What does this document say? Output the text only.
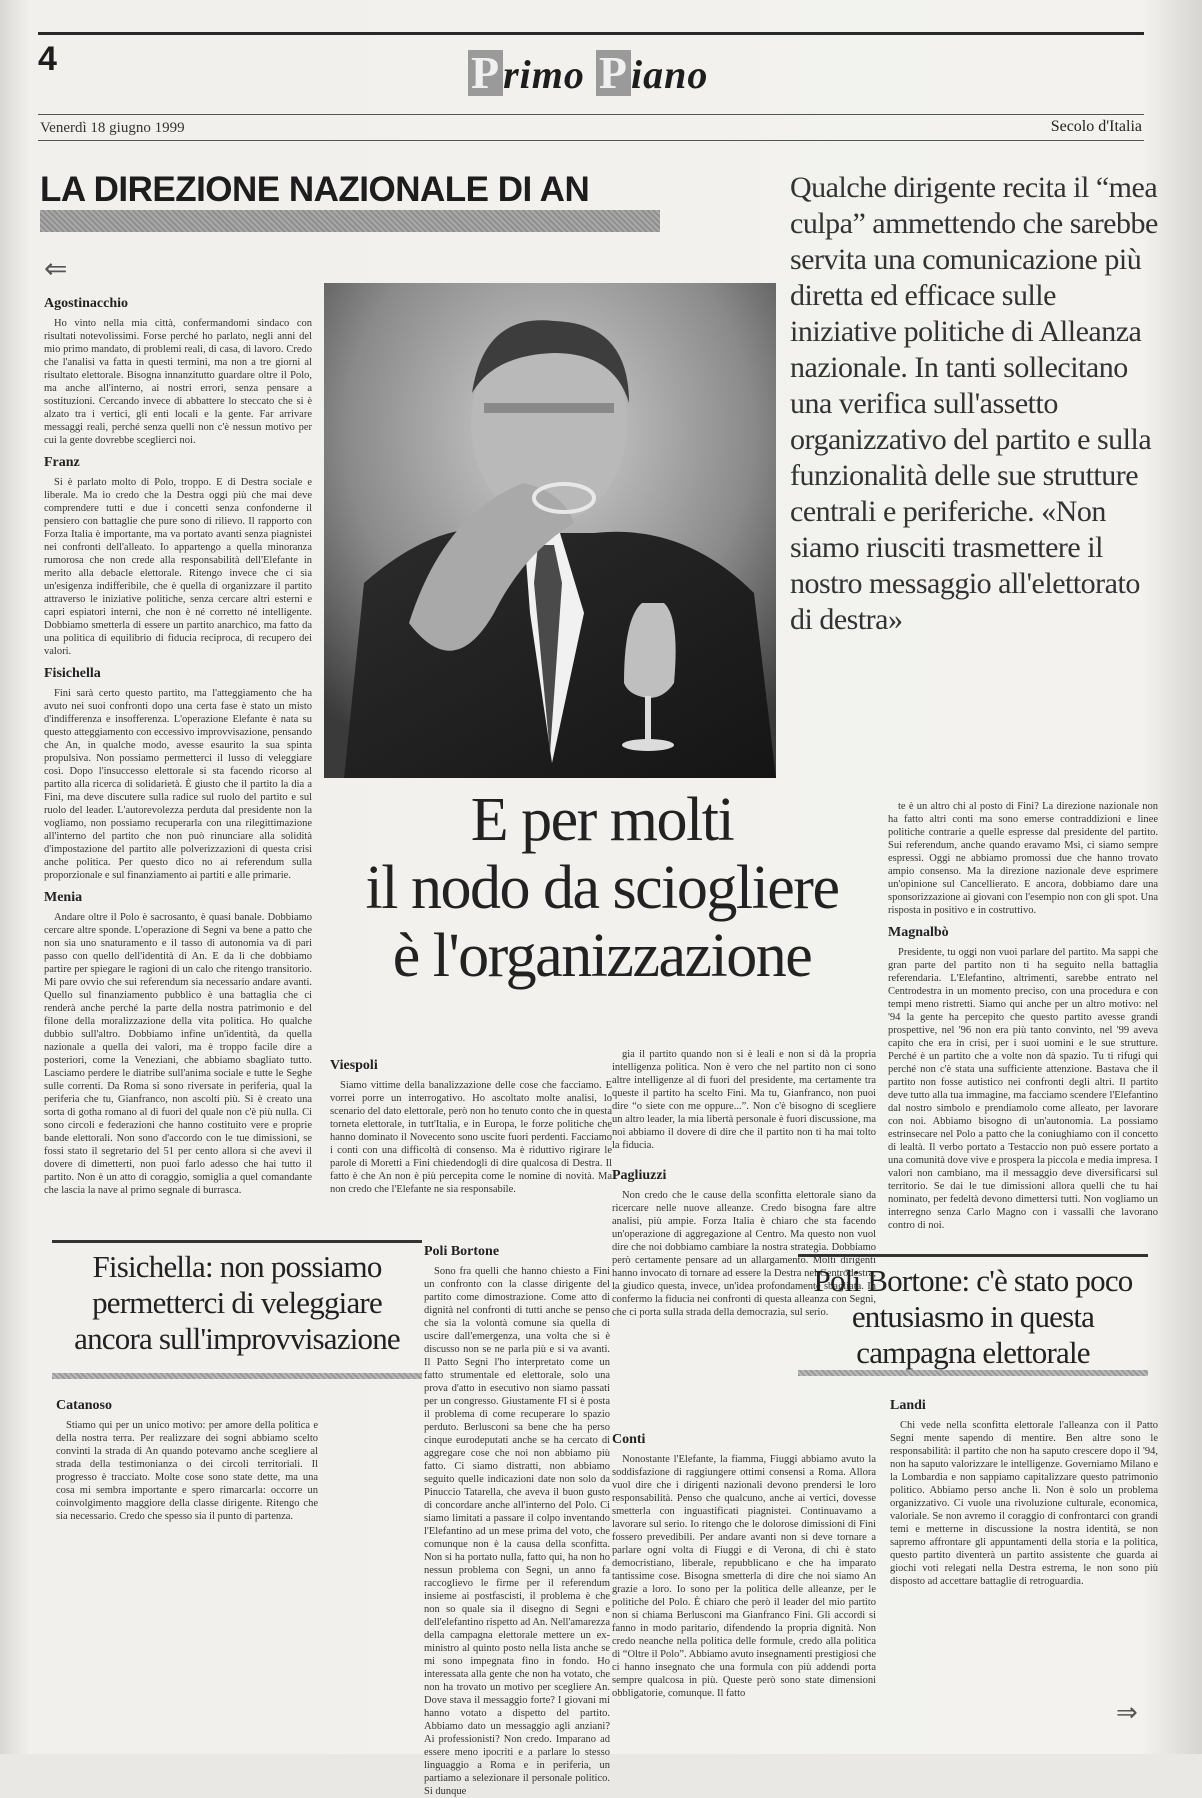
4	Primo Piano
Venerdì 18 giugno 1999	Secolo d'Italia
LA DIREZIONE NAZIONALE DI AN
⇐
Qualche dirigente recita il “mea culpa” ammettendo che sarebbe servita una comunicazione più diretta ed efficace sulle iniziative politiche di Alleanza nazionale. In tanti sollecitano una verifica sull'assetto organizzativo del partito e sulla funzionalità delle sue strutture centrali e periferiche. «Non siamo riusciti trasmettere il nostro messaggio all'elettorato di destra»
E per molti
il nodo da sciogliere
è l'organizzazione
Agostinacchio

Ho vinto nella mia città, confermandomi sindaco con risultati notevolissimi. Forse perché ho parlato, negli anni del mio primo mandato, di problemi reali, di casa, di lavoro. Credo che l'analisi va fatta in questi termini, ma non a tre giorni al risultato elettorale. Bisogna innanzitutto guardare oltre il Polo, ma anche all'interno, ai nostri errori, senza pensare a sostituzioni. Cercando invece di abbattere lo steccato che si è alzato tra i vertici, gli enti locali e la gente. Far arrivare messaggi reali, perché senza quelli non c'è nessun motivo per cui la gente dovrebbe sceglierci noi.

Franz

Si è parlato molto di Polo, troppo. E di Destra sociale e liberale. Ma io credo che la Destra oggi più che mai deve comprendere tutti e due i concetti senza confonderne il pensiero con battaglie che pure sono di rilievo. Il rapporto con Forza Italia è importante, ma va portato avanti senza piagnistei nei confronti dell'alleato. Io appartengo a quella minoranza rumorosa che non crede alla responsabilità dell'Elefante in merito alla debacle elettorale. Ritengo invece che ci sia un'esigenza indifferibile, che è quella di organizzare il partito attraverso le iniziative politiche, senza cercare altri esterni e capri espiatori interni, che non è né corretto né intelligente. Dobbiamo smetterla di essere un partito anarchico, ma fatto da una politica di equilibrio di fiducia reciproca, di recupero dei valori.

Fisichella

Fini sarà certo questo partito, ma l'atteggiamento che ha avuto nei suoi confronti dopo una certa fase è stato un misto d'indifferenza e insofferenza. L'operazione Elefante è nata su questo atteggiamento con eccessivo improvvisazione, pensando che An, in qualche modo, avesse esaurito la sua spinta propulsiva. Non possiamo permetterci il lusso di veleggiare così. Dopo l'insuccesso elettorale si sta facendo ricorso al partito alla ricerca di solidarietà. È giusto che il partito la dia a Fini, ma deve discutere sulla radice sul ruolo del partito e sul ruolo del leader. L'autorevolezza perduta dal presidente non la vogliamo, non possiamo recuperarla con una rilegittimazione all'interno del partito che non può rinunciare alla solidità d'impostazione del partito alle polverizzazioni di questa crisi anche politica. Per questo dico no ai referendum sulla proporzionale e sul finanziamento ai partiti e alle primarie.

Menia

Andare oltre il Polo è sacrosanto, è quasi banale. Dobbiamo cercare altre sponde. L'operazione di Segni va bene a patto che non sia uno snaturamento e il tasso di autonomia va di pari passo con quello dell'identità di An. E da lì che dobbiamo partire per spiegare le ragioni di un calo che ritengo transitorio. Mi pare ovvio che sui referendum sia necessario andare avanti. Quello sul finanziamento pubblico è una battaglia che ci renderà anche perché la parte della nostra patrimonio e del filone della moralizzazione della vita politica. Ho qualche dubbio sull'altro. Dobbiamo infine un'identità, da quella nazionale a quella dei valori, ma è troppo facile dire a posteriori, come la Veneziani, che abbiamo sbagliato tutto. Lasciamo perdere le diatribe sull'anima sociale e tutte le Seghe sulle correnti. Da Roma si sono riversate in periferia, qual la periferia che tu, Gianfranco, non ascolti più. Si è creato una sorta di gotha romano al di fuori del quale non c'è più nulla. Ci sono circoli e federazioni che hanno costituito vere e proprie bande elettorali. Non sono d'accordo con le tue dimissioni, se fossi stato il segretario del 51 per cento allora si che avevi il dovere di dimetterti, non puoi farlo adesso che hai tutto il partito. Non è un atto di coraggio, somiglia a quel comandante che lascia la nave al primo segnale di burrasca.

Fisichella: non possiamo permetterci di veleggiare ancora sull'improvvisazione
Catanoso

Stiamo qui per un unico motivo: per amore della politica e della nostra terra. Per realizzare dei sogni abbiamo scelto convinti la strada di An quando potevamo anche scegliere al strada della testimonianza o dei circoli territoriali. Il progresso è tracciato. Molte cose sono state dette, ma una cosa mi sembra importante e spero rimarcarla: occorre un coinvolgimento maggiore della classe dirigente. Ritengo che sia necessario. Credo che spesso sia il punto di partenza.

Viespoli

Siamo vittime della banalizzazione delle cose che facciamo. E vorrei porre un interrogativo. Ho ascoltato molte analisi, lo scenario del dato elettorale, però non ho tenuto conto che in questa torneta elettorale, in tutt'Italia, e in Europa, le forze politiche che hanno dominato il Novecento sono uscite fuori perdenti. Facciamo i conti con una difficoltà di consenso. Ma è riduttivo rigirare le parole di Moretti a Fini chiedendogli di dire qualcosa di Destra. Il fatto è che An non è più percepita come le nomine di novità. Ma non credo che l'Elefante ne sia responsabile.

Poli Bortone

Sono fra quelli che hanno chiesto a Fini un confronto con la classe dirigente del partito come dimostrazione. Come atto di dignità nel confronti di tutti anche se penso che sia la volontà comune sia quella di uscire dall'emergenza, una volta che si è discusso non se ne parla più e si va avanti. Il Patto Segni l'ho interpretato come un fatto strumentale ed elettorale, solo una prova d'atto in esecutivo non siamo passati per un congresso. Giustamente FI si è posta il problema di come recuperare lo spazio perduto. Berlusconi sa bene che ha perso cinque eurodeputati anche se ha cercato di aggregare cose che noi non abbiamo più fatto. Ci siamo distratti, non abbiamo seguito quelle indicazioni date non solo da Pinuccio Tatarella, che aveva il buon gusto di concordare anche all'interno del Polo. Ci siamo limitati a passare il colpo inventando l'Elefantino ad un mese prima del voto, che comunque non è la causa della sconfitta. Non si ha portato nulla, fatto qui, ha non ho nessun problema con Segni, un anno fa raccoglievo le firme per il referendum insieme ai postfascisti, il problema è che non so quale sia il disegno di Segni e dell'elefantino rispetto ad An. Nell'amarezza della campagna elettorale mettere un ex-ministro al quinto posto nella lista anche se mi sono impegnata fino in fondo. Ho interessata alla gente che non ha votato, che non ha trovato un motivo per scegliere An. Dove stava il messaggio forte? I giovani mi hanno votato a dispetto del partito. Abbiamo dato un messaggio agli anziani? Ai professionisti? Non credo. Imparano ad essere meno ipocriti e a parlare lo stesso linguaggio a Roma e in periferia, un partiamo a selezionare il personale politico. Si dunque

gia il partito quando non si è leali e non si dà la propria intelligenza politica. Non è vero che nel partito non ci sono altre intelligenze al di fuori del presidente, ma certamente tra queste il partito ha scelto Fini. Ma tu, Gianfranco, non puoi dire “o siete con me oppure...”. Non c'è bisogno di scegliere un altro leader, la mia libertà personale è fuori discussione, ma noi abbiamo il dovere di dire che il partito non ti ha mai tolto la fiducia.

Pagliuzzi

Non credo che le cause della sconfitta elettorale siano da ricercare nelle nuove alleanze. Credo bisogna fare altre analisi, più ampie. Forza Italia è chiaro che sta facendo un'operazione di aggregazione al Centro. Ma questo non vuol dire che noi dobbiamo cambiare la nostra strategia. Dobbiamo però certamente pensare ad un allargamento. Molti dirigenti hanno invocato di tornare ad essere la Destra nel Centrodestra, la giudico questa, invece, un'idea profondamente sbagliata. In confermo la fiducia nei confronti di questa alleanza con Segni, che ci porta sulla strada della democrazia, sul serio.

Conti

Nonostante l'Elefante, la fiamma, Fiuggi abbiamo avuto la soddisfazione di raggiungere ottimi consensi a Roma. Allora vuol dire che i dirigenti nazionali devono prendersi le loro responsabilità. Penso che qualcuno, anche ai vertici, dovesse smetterla con inguastificati piagnistei. Continuavamo a lavorare sul serio. Io ritengo che le dolorose dimissioni di Fini fossero prevedibili. Per andare avanti non si deve tornare a parlare ogni volta di Fiuggi e di Verona, di chi è stato democristiano, liberale, repubblicano e che ha imparato tantissime cose. Bisogna smetterla di dire che noi siamo An grazie a loro. Io sono per la politica delle alleanze, per le politiche del Polo. È chiaro che però il leader del mio partito non si chiama Berlusconi ma Gianfranco Fini. Gli accordi si fanno in modo paritario, difendendo la propria dignità. Non credo neanche nella politica delle formule, credo alla politica di “Oltre il Polo”. Abbiamo avuto insegnamenti prestigiosi che ci hanno insegnato che una formula con più addendi porta sempre qualcosa in più. Queste però sono state dimensioni obbligatorie, comunque. Il fatto

te è un altro chi al posto di Fini? La direzione nazionale non ha fatto altri conti ma sono emerse contraddizioni e linee politiche contrarie a quelle espresse dal presidente del partito. Sui referendum, anche quando eravamo Msi, ci siamo sempre espressi. Oggi ne abbiamo promossi due che hanno trovato ampio consenso. Ma la direzione nazionale deve esprimere un'opinione sul Cancellierato. E ancora, dobbiamo dare una sponsorizzazione ai giovani con l'esempio non con gli spot. Una risposta in positivo e in costruttivo.

Magnalbò

Presidente, tu oggi non vuoi parlare del partito. Ma sappi che gran parte del partito non ti ha seguito nella battaglia referendaria. L'Elefantino, altrimenti, sarebbe entrato nel Centrodestra in un momento preciso, con una procedura e con tempi meno ristretti. Siamo qui anche per un altro motivo: nel '94 la gente ha percepito che questo partito avesse grandi prospettive, nel '96 non era più tanto convinto, nel '99 aveva capito che era in crisi, per i suoi uomini e le sue strutture. Perché è un partito che a volte non dà spazio. Tu ti rifugi qui perché non c'è stata una sufficiente attenzione. Bastava che il partito non fosse autistico nei confronti degli altri. Il partito deve tutto alla tua immagine, ma facciamo scendere l'Elefantino dal nostro simbolo e prendiamolo come alleato, per lavorare con noi. Abbiamo bisogno di un'autonomia. La possiamo estrinsecare nel Polo a patto che la coniughiamo con il concetto di lealtà. Il verbo portato a Testaccio non può essere portato a una comunità dove vive e prospera la piccola e media impresa. I valori non cambiano, ma il messaggio deve diversificarsi sul territorio. Se dai le tue dimissioni allora quelli che tu hai nominato, per fedeltà devono dimettersi tutti. Non vogliamo un interregno senza Carlo Magno con i vassalli che lavorano contro di noi.

Poli Bortone: c'è stato poco entusiasmo in questa campagna elettorale
Landi

Chi vede nella sconfitta elettorale l'alleanza con il Patto Segni mente sapendo di mentire. Ben altre sono le responsabilità: il partito che non ha saputo crescere dopo il '94, non ha saputo valorizzare le intelligenze. Governiamo Milano e la Lombardia e non sappiamo capitalizzare questo patrimonio politico. Abbiamo perso anche lì. Non è solo un problema organizzativo. Ci vuole una rivoluzione culturale, economica, valoriale. Se non avremo il coraggio di confrontarci con grandi temi e metterne in discussione la nostra identità, se non sapremo affrontare gli appuntamenti della storia e la politica, questo partito diventerà un partito assistente che guarda ai giochi voti relegati nella Destra estrema, le non sono più disposto ad accettare battaglie di retroguardia.

⇒
